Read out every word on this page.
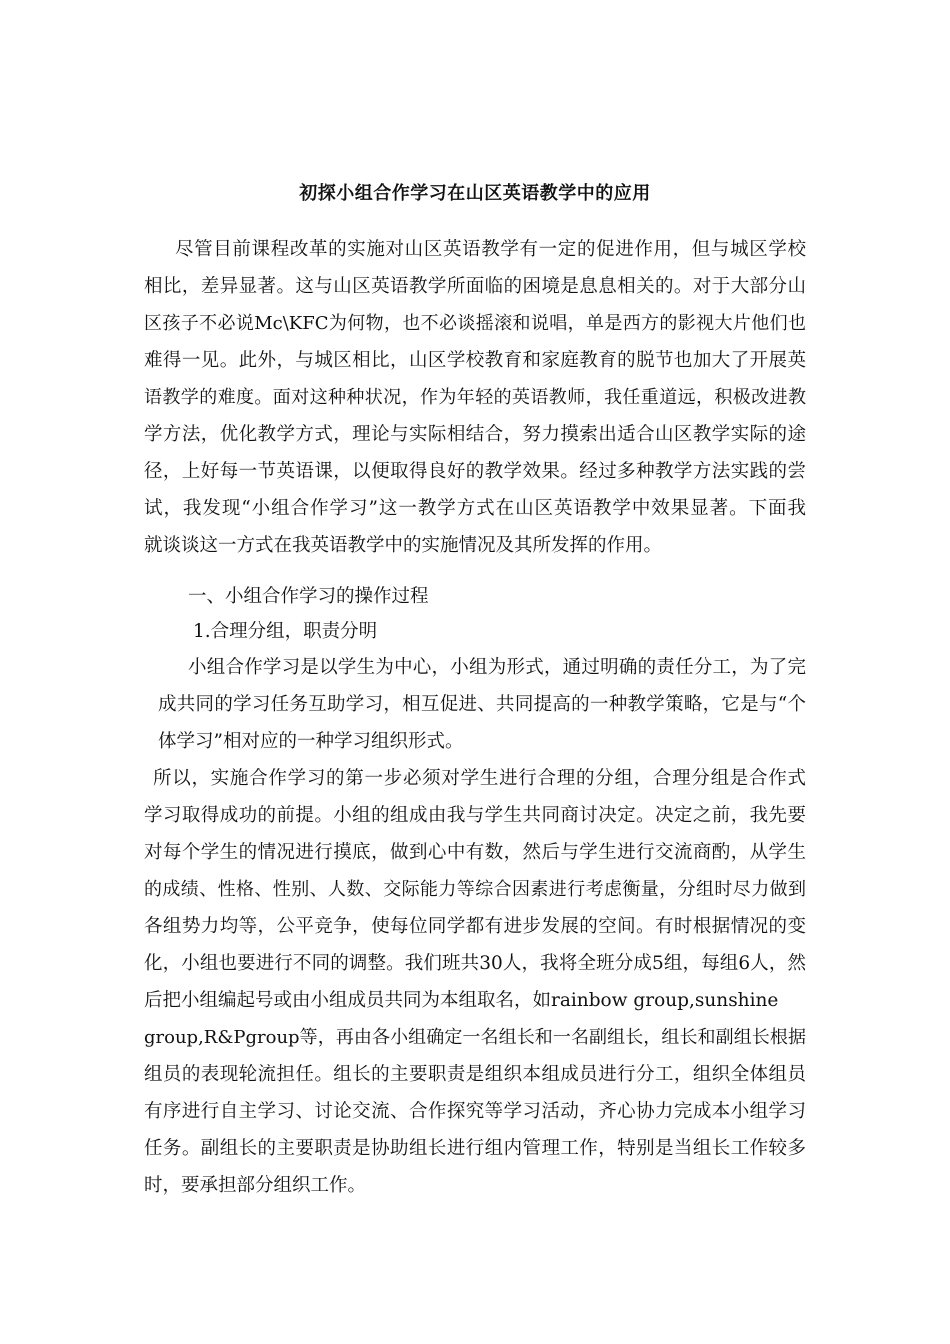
初探小组合作学习在山区英语教学中的应用
尽管目前课程改革的实施对山区英语教学有一定的促进作用，但与城区学校
相比，差异显著。这与山区英语教学所面临的困境是息息相关的。对于大部分山
区孩子不必说Mc\KFC为何物，也不必谈摇滚和说唱，单是西方的影视大片他们也
难得一见。此外，与城区相比，山区学校教育和家庭教育的脱节也加大了开展英
语教学的难度。面对这种种状况，作为年轻的英语教师，我任重道远，积极改进教
学方法，优化教学方式，理论与实际相结合，努力摸索出适合山区教学实际的途
径，上好每一节英语课，以便取得良好的教学效果。经过多种教学方法实践的尝
试，我发现“小组合作学习”这一教学方式在山区英语教学中效果显著。下面我
就谈谈这一方式在我英语教学中的实施情况及其所发挥的作用。
一、小组合作学习的操作过程
1.合理分组，职责分明
小组合作学习是以学生为中心，小组为形式，通过明确的责任分工，为了完
成共同的学习任务互助学习，相互促进、共同提高的一种教学策略，它是与“个
体学习”相对应的一种学习组织形式。
所以，实施合作学习的第一步必须对学生进行合理的分组，合理分组是合作式
学习取得成功的前提。小组的组成由我与学生共同商讨决定。决定之前，我先要
对每个学生的情况进行摸底，做到心中有数，然后与学生进行交流商酌，从学生
的成绩、性格、性别、人数、交际能力等综合因素进行考虑衡量，分组时尽力做到
各组势力均等，公平竞争，使每位同学都有进步发展的空间。有时根据情况的变
化，小组也要进行不同的调整。我们班共30人，我将全班分成5组，每组6人，然
后把小组编起号或由小组成员共同为本组取名，如rainbow group,sunshine
group,R&Pgroup等，再由各小组确定一名组长和一名副组长，组长和副组长根据
组员的表现轮流担任。组长的主要职责是组织本组成员进行分工，组织全体组员
有序进行自主学习、讨论交流、合作探究等学习活动，齐心协力完成本小组学习
任务。副组长的主要职责是协助组长进行组内管理工作，特别是当组长工作较多
时，要承担部分组织工作。
